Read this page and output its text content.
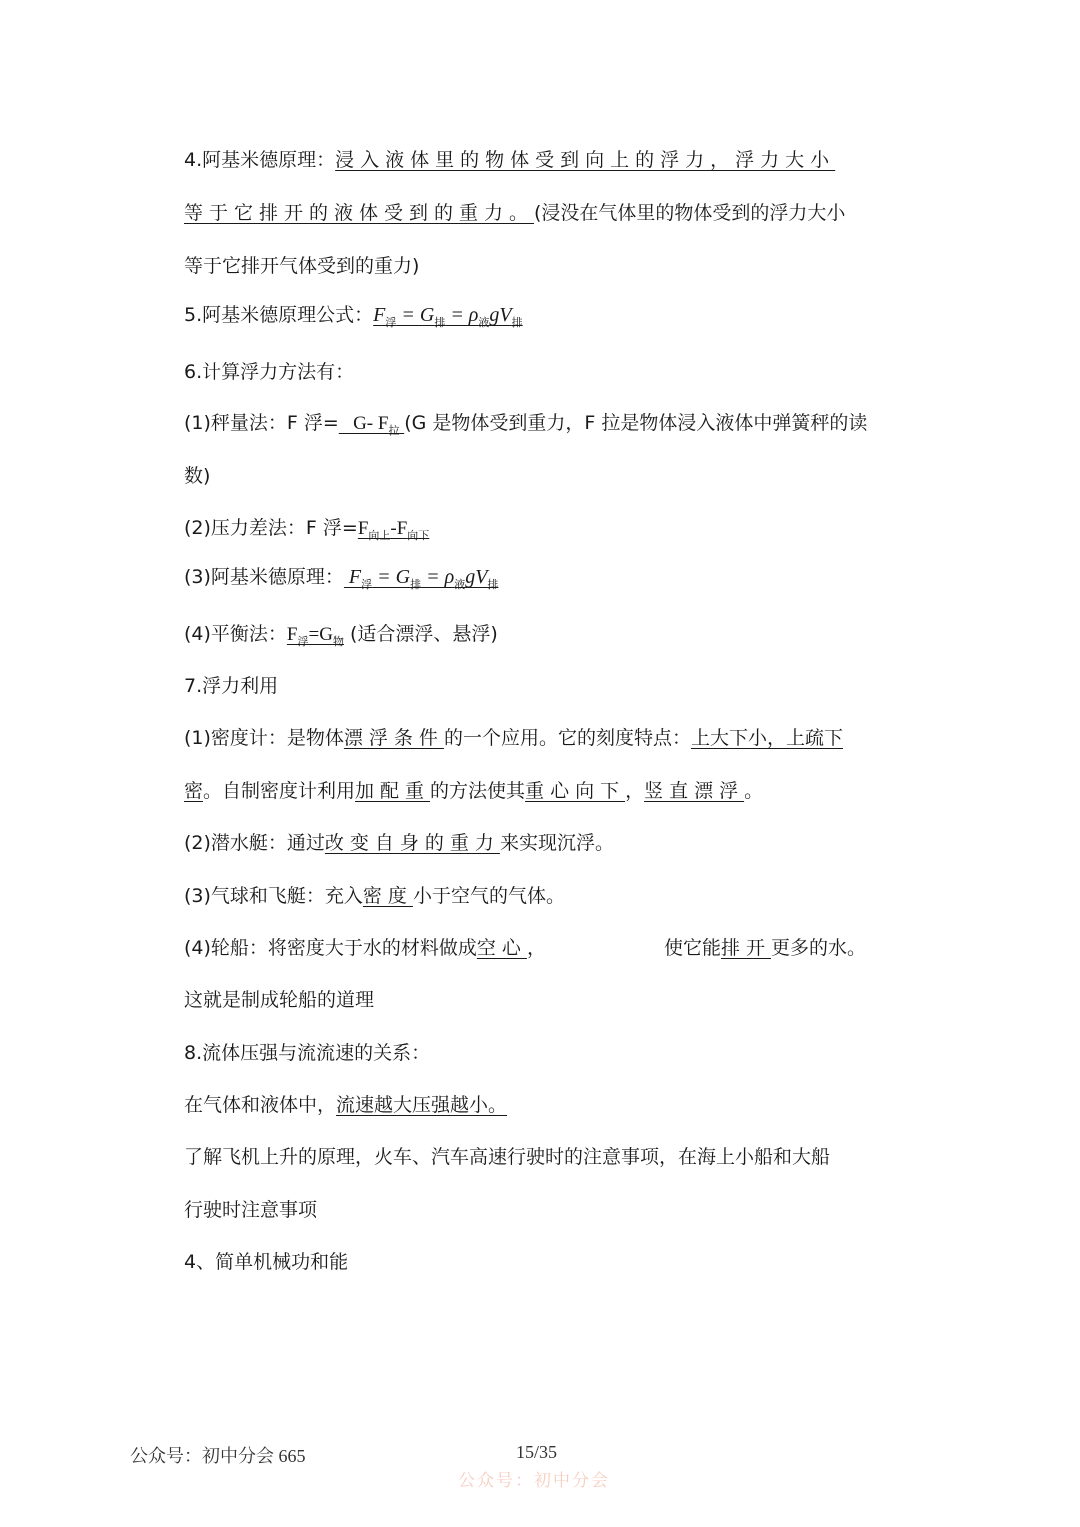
4.阿基米德原理：浸入液体里的物体受到向上的浮力，浮力大小
等于它排开的液体受到的重力。(浸没在气体里的物体受到的浮力大小
等于它排开气体受到的重力)
5.阿基米德原理公式：$F_浮 = G_排 = \rho_液gV_排$
6.计算浮力方法有：
(1)秤量法：F 浮=   G- $F_拉$ (G 是物体受到重力，F 拉是物体浸入液体中弹簧秤的读
数)
(2)压力差法：F 浮$=F_{向上}-F_{向下}$
(3)阿基米德原理： $F_浮 = G_排 = \rho_液gV_排$
(4)平衡法：$F_浮=G_物$ (适合漂浮、悬浮)
7.浮力利用
(1)密度计：是物体漂浮条件的一个应用。它的刻度特点：上大下小，上疏下
密。自制密度计利用加配重的方法使其重心向下，竖直漂浮。
(2)潜水艇：通过改变自身的重力来实现沉浮。
(3)气球和飞艇：充入密度小于空气的气体。
(4)轮船：将密度大于水的材料做成空心，	使它能排开更多的水。
这就是制成轮船的道理
8.流体压强与流流速的关系：
在气体和液体中，流速越大压强越小。
了解飞机上升的原理，火车、汽车高速行驶时的注意事项，在海上小船和大船
行驶时注意事项
4、简单机械功和能
公众号：初中分会 665	15/35
公众号：初中分会
